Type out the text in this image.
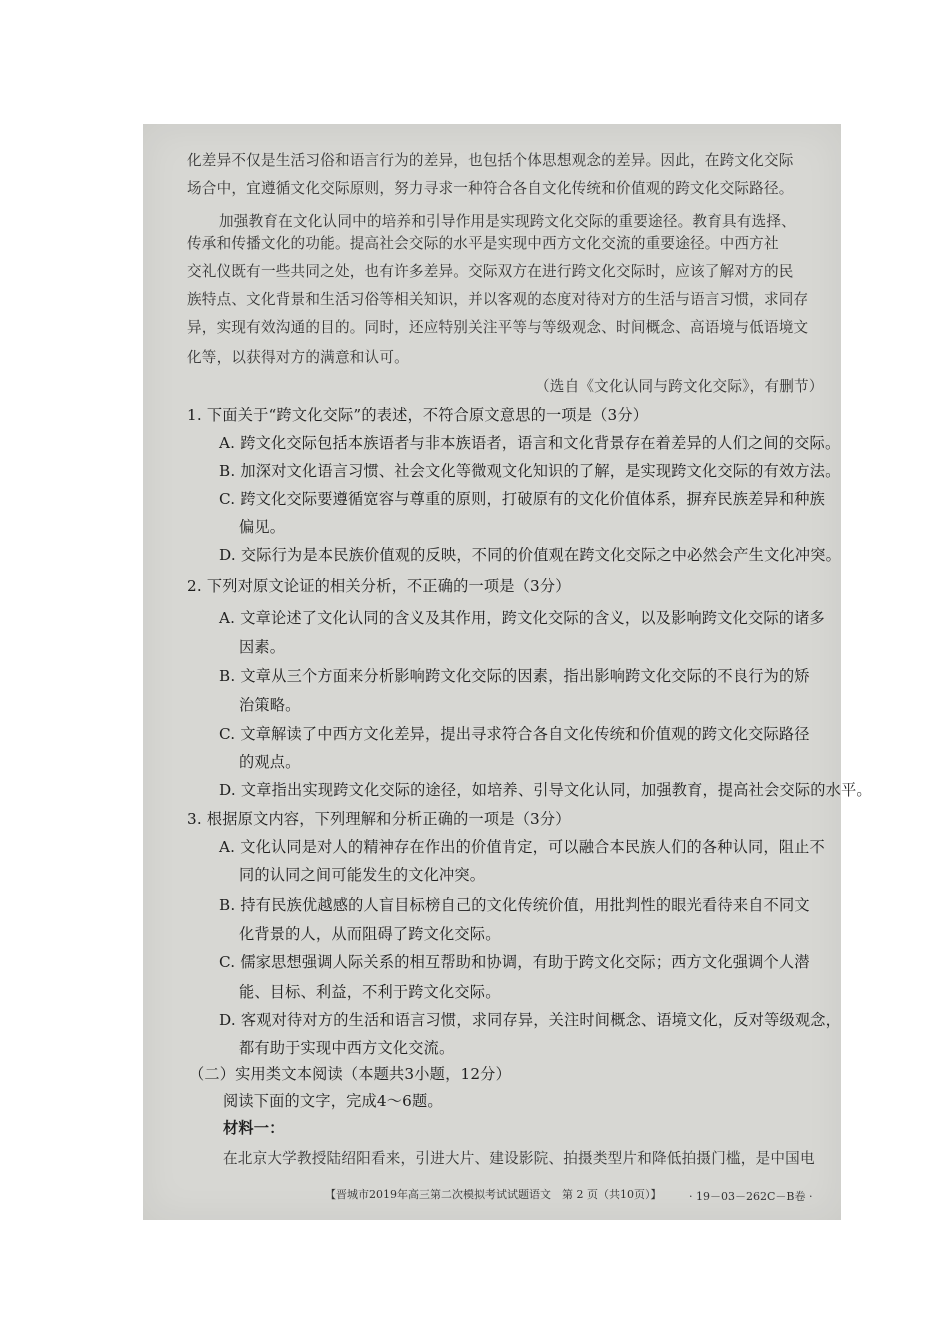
化差异不仅是生活习俗和语言行为的差异，也包括个体思想观念的差异。因此，在跨文化交际
场合中，宜遵循文化交际原则，努力寻求一种符合各自文化传统和价值观的跨文化交际路径。
加强教育在文化认同中的培养和引导作用是实现跨文化交际的重要途径。教育具有选择、
传承和传播文化的功能。提高社会交际的水平是实现中西方文化交流的重要途径。中西方社
交礼仪既有一些共同之处，也有许多差异。交际双方在进行跨文化交际时，应该了解对方的民
族特点、文化背景和生活习俗等相关知识，并以客观的态度对待对方的生活与语言习惯，求同存
异，实现有效沟通的目的。同时，还应特别关注平等与等级观念、时间概念、高语境与低语境文
化等，以获得对方的满意和认可。
（选自《文化认同与跨文化交际》，有删节）
1. 下面关于“跨文化交际”的表述，不符合原文意思的一项是（3分）
A. 跨文化交际包括本族语者与非本族语者，语言和文化背景存在着差异的人们之间的交际。
B. 加深对文化语言习惯、社会文化等微观文化知识的了解，是实现跨文化交际的有效方法。
C. 跨文化交际要遵循宽容与尊重的原则，打破原有的文化价值体系，摒弃民族差异和种族
偏见。
D. 交际行为是本民族价值观的反映，不同的价值观在跨文化交际之中必然会产生文化冲突。
2. 下列对原文论证的相关分析，不正确的一项是（3分）
A. 文章论述了文化认同的含义及其作用，跨文化交际的含义，以及影响跨文化交际的诸多
因素。
B. 文章从三个方面来分析影响跨文化交际的因素，指出影响跨文化交际的不良行为的矫
治策略。
C. 文章解读了中西方文化差异，提出寻求符合各自文化传统和价值观的跨文化交际路径
的观点。
D. 文章指出实现跨文化交际的途径，如培养、引导文化认同，加强教育，提高社会交际的水平。
3. 根据原文内容，下列理解和分析正确的一项是（3分）
A. 文化认同是对人的精神存在作出的价值肯定，可以融合本民族人们的各种认同，阻止不
同的认同之间可能发生的文化冲突。
B. 持有民族优越感的人盲目标榜自己的文化传统价值，用批判性的眼光看待来自不同文
化背景的人，从而阻碍了跨文化交际。
C. 儒家思想强调人际关系的相互帮助和协调，有助于跨文化交际；西方文化强调个人潜
能、目标、利益，不利于跨文化交际。
D. 客观对待对方的生活和语言习惯，求同存异，关注时间概念、语境文化，反对等级观念，
都有助于实现中西方文化交流。
（二）实用类文本阅读（本题共3小题，12分）
阅读下面的文字，完成4～6题。
材料一：
在北京大学教授陆绍阳看来，引进大片、建设影院、拍摄类型片和降低拍摄门槛，是中国电
【晋城市2019年高三第二次模拟考试试题语文　第 2 页（共10页）】	· 19－03－262C－B卷 ·
